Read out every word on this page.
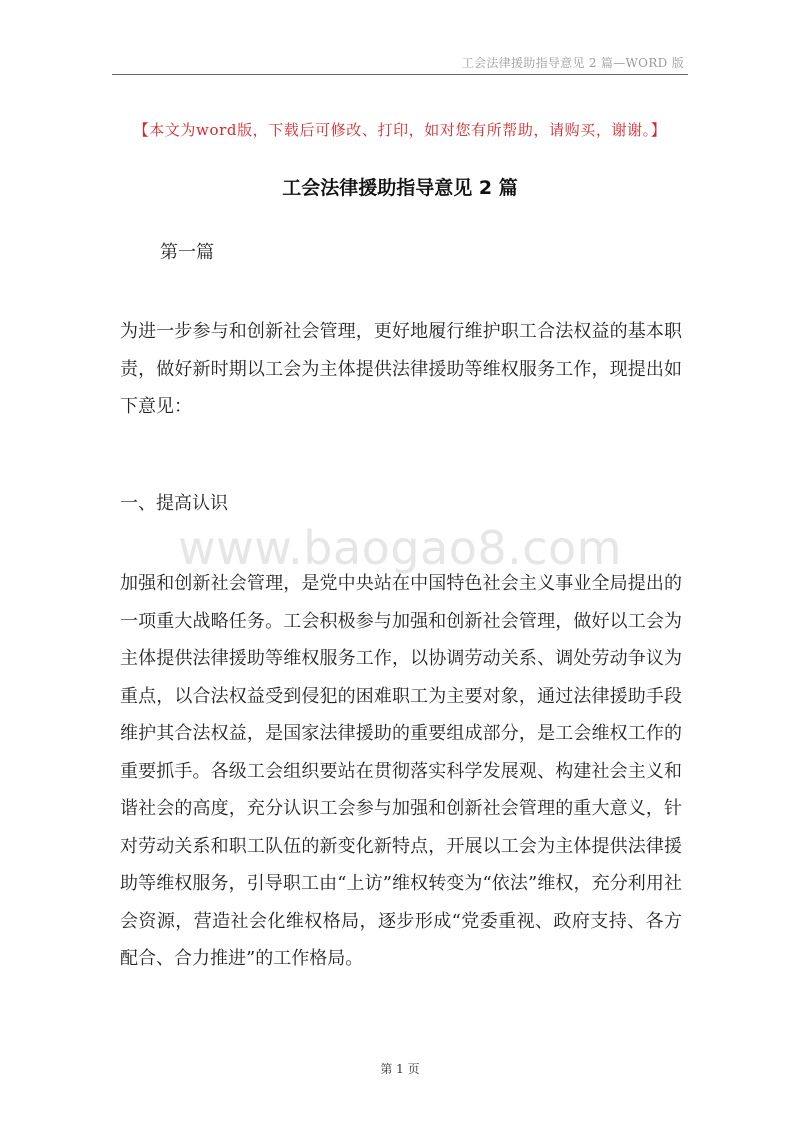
工会法律援助指导意见 2 篇—WORD 版
【本文为word版，下载后可修改、打印，如对您有所帮助，请购买，谢谢。】
工会法律援助指导意见 2 篇
第一篇

为进一步参与和创新社会管理，更好地履行维护职工合法权益的基本职责，做好新时期以工会为主体提供法律援助等维权服务工作，现提出如下意见：

一、提高认识
www.baogao8.com

加强和创新社会管理，是党中央站在中国特色社会主义事业全局提出的一项重大战略任务。工会积极参与加强和创新社会管理，做好以工会为主体提供法律援助等维权服务工作，以协调劳动关系、调处劳动争议为重点，以合法权益受到侵犯的困难职工为主要对象，通过法律援助手段维护其合法权益，是国家法律援助的重要组成部分，是工会维权工作的重要抓手。各级工会组织要站在贯彻落实科学发展观、构建社会主义和谐社会的高度，充分认识工会参与加强和创新社会管理的重大意义，针对劳动关系和职工队伍的新变化新特点，开展以工会为主体提供法律援助等维权服务，引导职工由“上访”维权转变为“依法”维权，充分利用社会资源，营造社会化维权格局，逐步形成“党委重视、政府支持、各方配合、合力推进”的工作格局。

第 1 页
